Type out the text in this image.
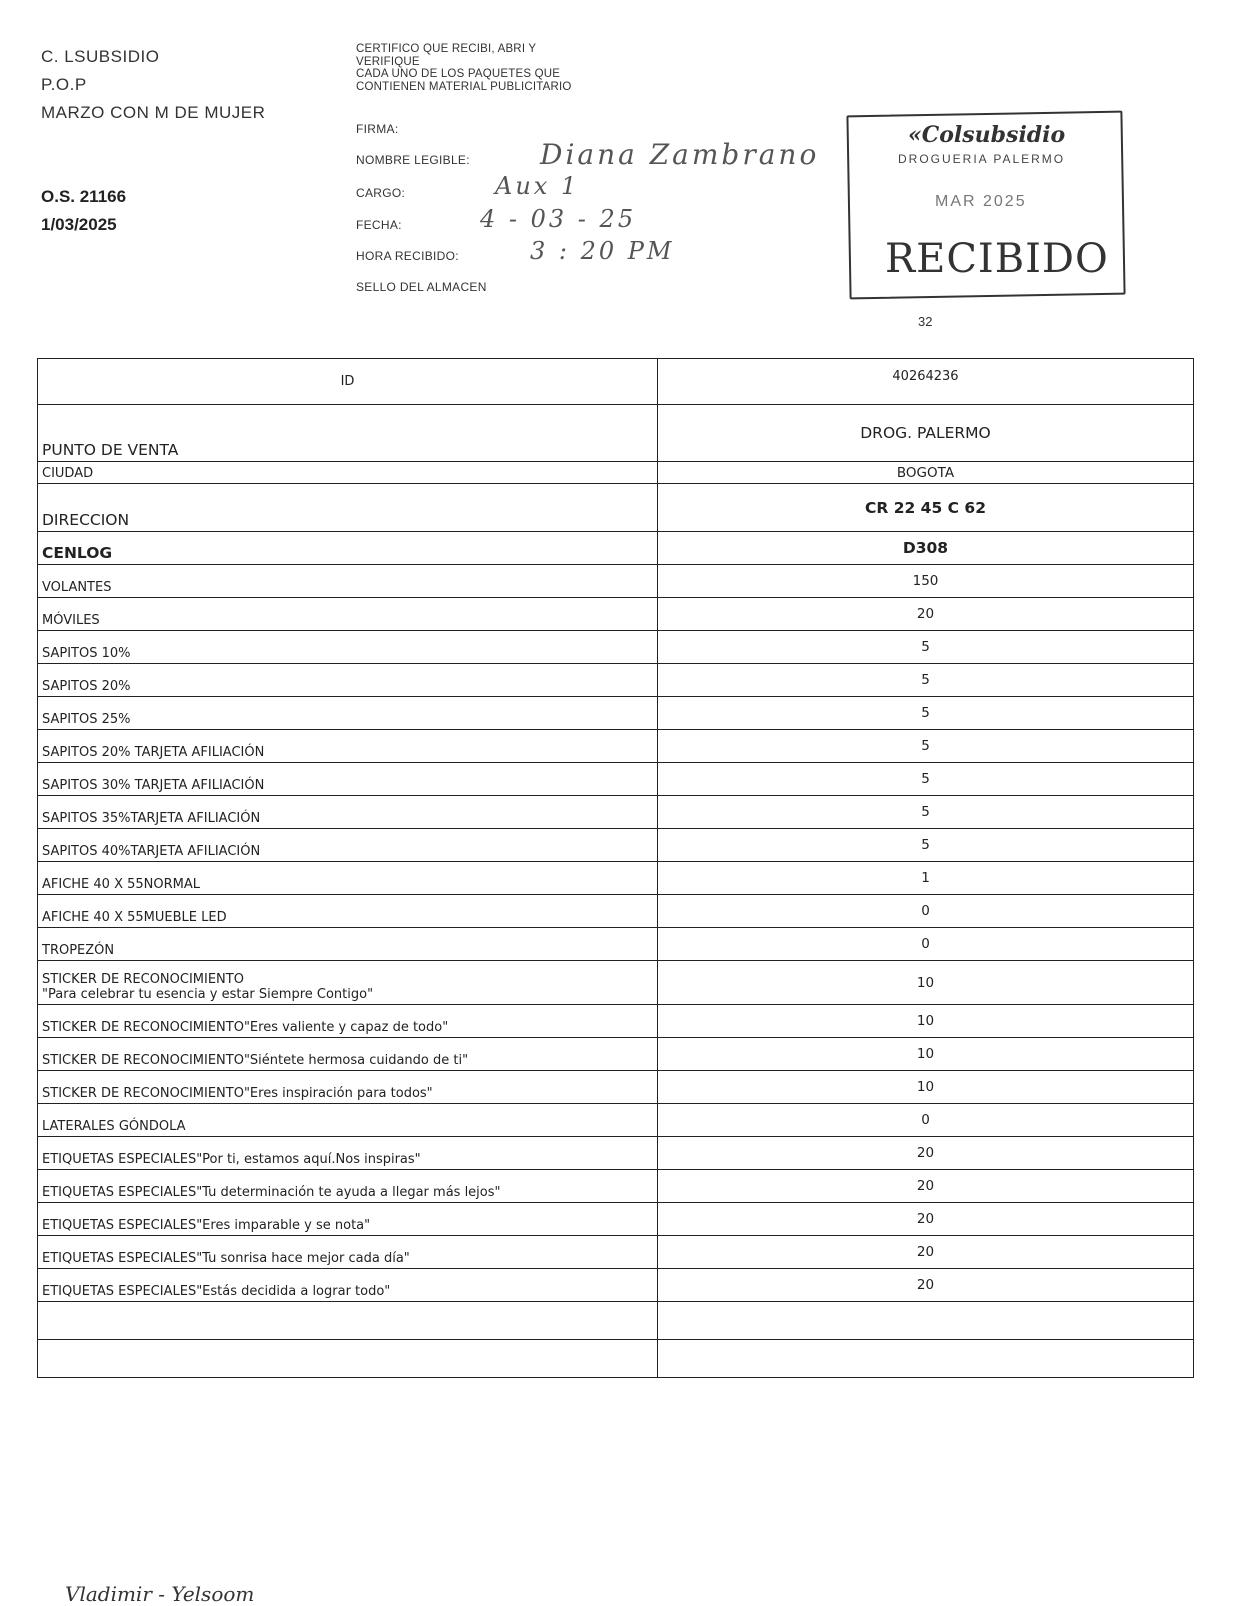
C. LSUBSIDIO
P.O.P
MARZO CON M DE MUJER
O.S. 21166
1/03/2025
CERTIFICO QUE RECIBI, ABRI Y
VERIFIQUE
CADA UNO DE LOS PAQUETES QUE
CONTIENEN MATERIAL PUBLICITARIO
FIRMA:
NOMBRE LEGIBLE:	Diana Zambrano
CARGO:	Aux 1
FECHA:	4 - 03 - 25
HORA RECIBIDO:	3 : 20 PM
SELLO DEL ALMACEN
«Colsubsidio
DROGUERIA PALERMO
MAR 2025
RECIBIDO
32
ID	40264236

PUNTO DE VENTA	DROG. PALERMO

CIUDAD	BOGOTA

DIRECCION	CR 22 45 C 62

CENLOG	D308

VOLANTES	150

MÓVILES	20

SAPITOS 10%	5

SAPITOS 20%	5

SAPITOS 25%	5

SAPITOS 20% TARJETA AFILIACIÓN	5

SAPITOS 30% TARJETA AFILIACIÓN	5

SAPITOS 35%TARJETA AFILIACIÓN	5

SAPITOS 40%TARJETA AFILIACIÓN	5

AFICHE 40 X 55NORMAL	1

AFICHE 40 X 55MUEBLE LED	0

TROPEZÓN	0

STICKER DE RECONOCIMIENTO
"Para celebrar tu esencia y estar Siempre Contigo"	10

STICKER DE RECONOCIMIENTO"Eres valiente y capaz de todo"	10

STICKER DE RECONOCIMIENTO"Siéntete hermosa cuidando de ti"	10

STICKER DE RECONOCIMIENTO"Eres inspiración para todos"	10

LATERALES GÓNDOLA	0

ETIQUETAS ESPECIALES"Por ti, estamos aquí.Nos inspiras"	20

ETIQUETAS ESPECIALES"Tu determinación te ayuda a llegar más lejos"	20

ETIQUETAS ESPECIALES"Eres imparable y se nota"	20

ETIQUETAS ESPECIALES"Tu sonrisa hace mejor cada día"	20

ETIQUETAS ESPECIALES"Estás decidida a lograr todo"	20

Vladimir - Yelsoom
